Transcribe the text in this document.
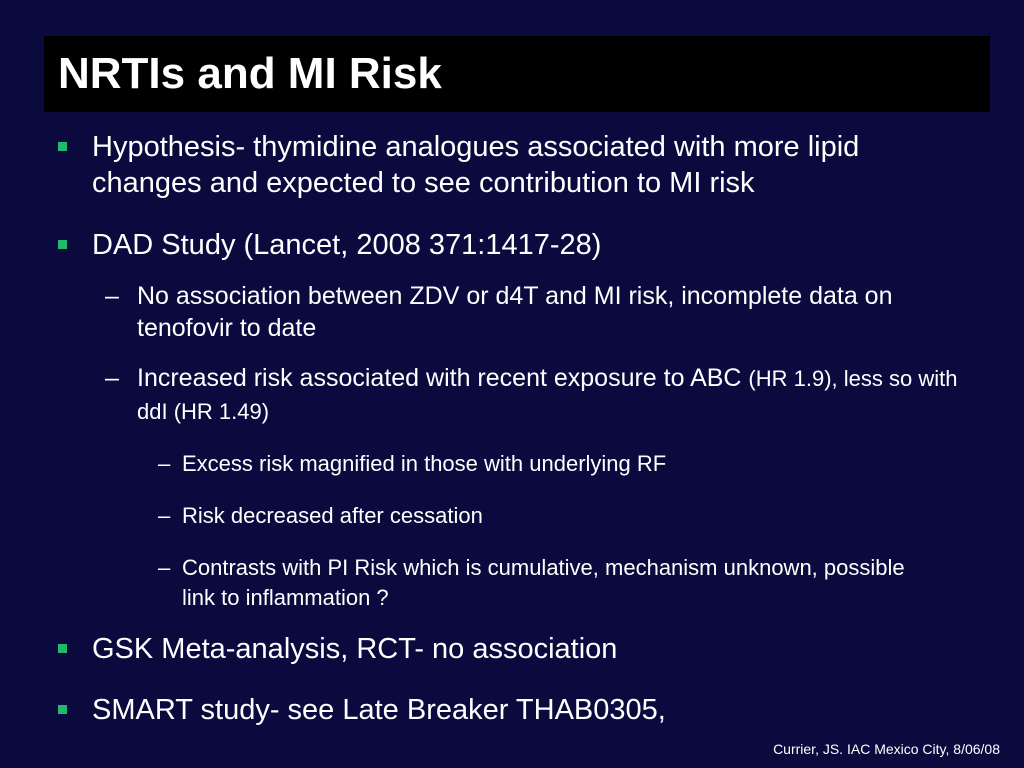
NRTIs and MI Risk
Hypothesis- thymidine analogues associated with more lipid changes and expected to see contribution to MI risk
DAD Study (Lancet, 2008 371:1417-28)
– No association between ZDV or d4T and MI risk, incomplete data on tenofovir to date
– Increased risk associated with recent exposure to ABC (HR 1.9), less so with ddI (HR 1.49)
– Excess risk magnified in those with underlying RF
– Risk decreased after cessation
– Contrasts with PI Risk which is cumulative, mechanism unknown, possible link to inflammation ?
GSK Meta-analysis, RCT- no association
SMART study- see Late Breaker THAB0305,
Currier, JS. IAC Mexico City, 8/06/08
